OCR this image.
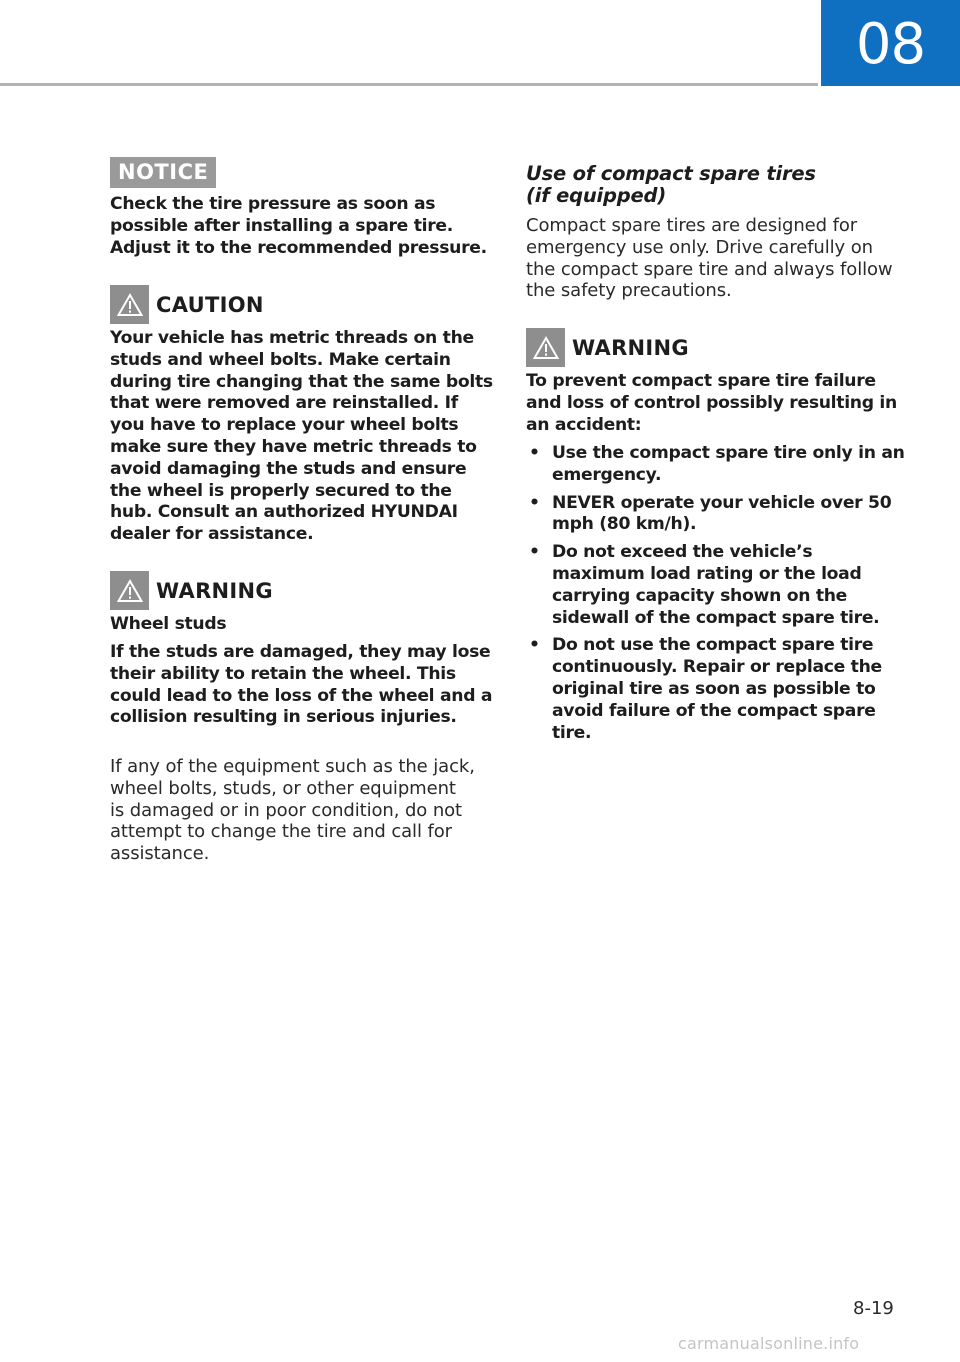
08
NOTICE
Check the tire pressure as soon as
possible after installing a spare tire.
Adjust it to the recommended pressure.
CAUTION
Your vehicle has metric threads on the
studs and wheel bolts. Make certain
during tire changing that the same bolts
that were removed are reinstalled. If
you have to replace your wheel bolts
make sure they have metric threads to
avoid damaging the studs and ensure
the wheel is properly secured to the
hub. Consult an authorized HYUNDAI
dealer for assistance.
WARNING
Wheel studs
If the studs are damaged, they may lose
their ability to retain the wheel. This
could lead to the loss of the wheel and a
collision resulting in serious injuries.
If any of the equipment such as the jack,
wheel bolts, studs, or other equipment
is damaged or in poor condition, do not
attempt to change the tire and call for
assistance.
Use of compact spare tires
(if equipped)
Compact spare tires are designed for
emergency use only. Drive carefully on
the compact spare tire and always follow
the safety precautions.
WARNING
To prevent compact spare tire failure
and loss of control possibly resulting in
an accident:
• Use the compact spare tire only in an
emergency.
• NEVER operate your vehicle over 50
mph (80 km/h).
• Do not exceed the vehicle’s
maximum load rating or the load
carrying capacity shown on the
sidewall of the compact spare tire.
• Do not use the compact spare tire
continuously. Repair or replace the
original tire as soon as possible to
avoid failure of the compact spare
tire.
8-19
carmanualsonline.info
